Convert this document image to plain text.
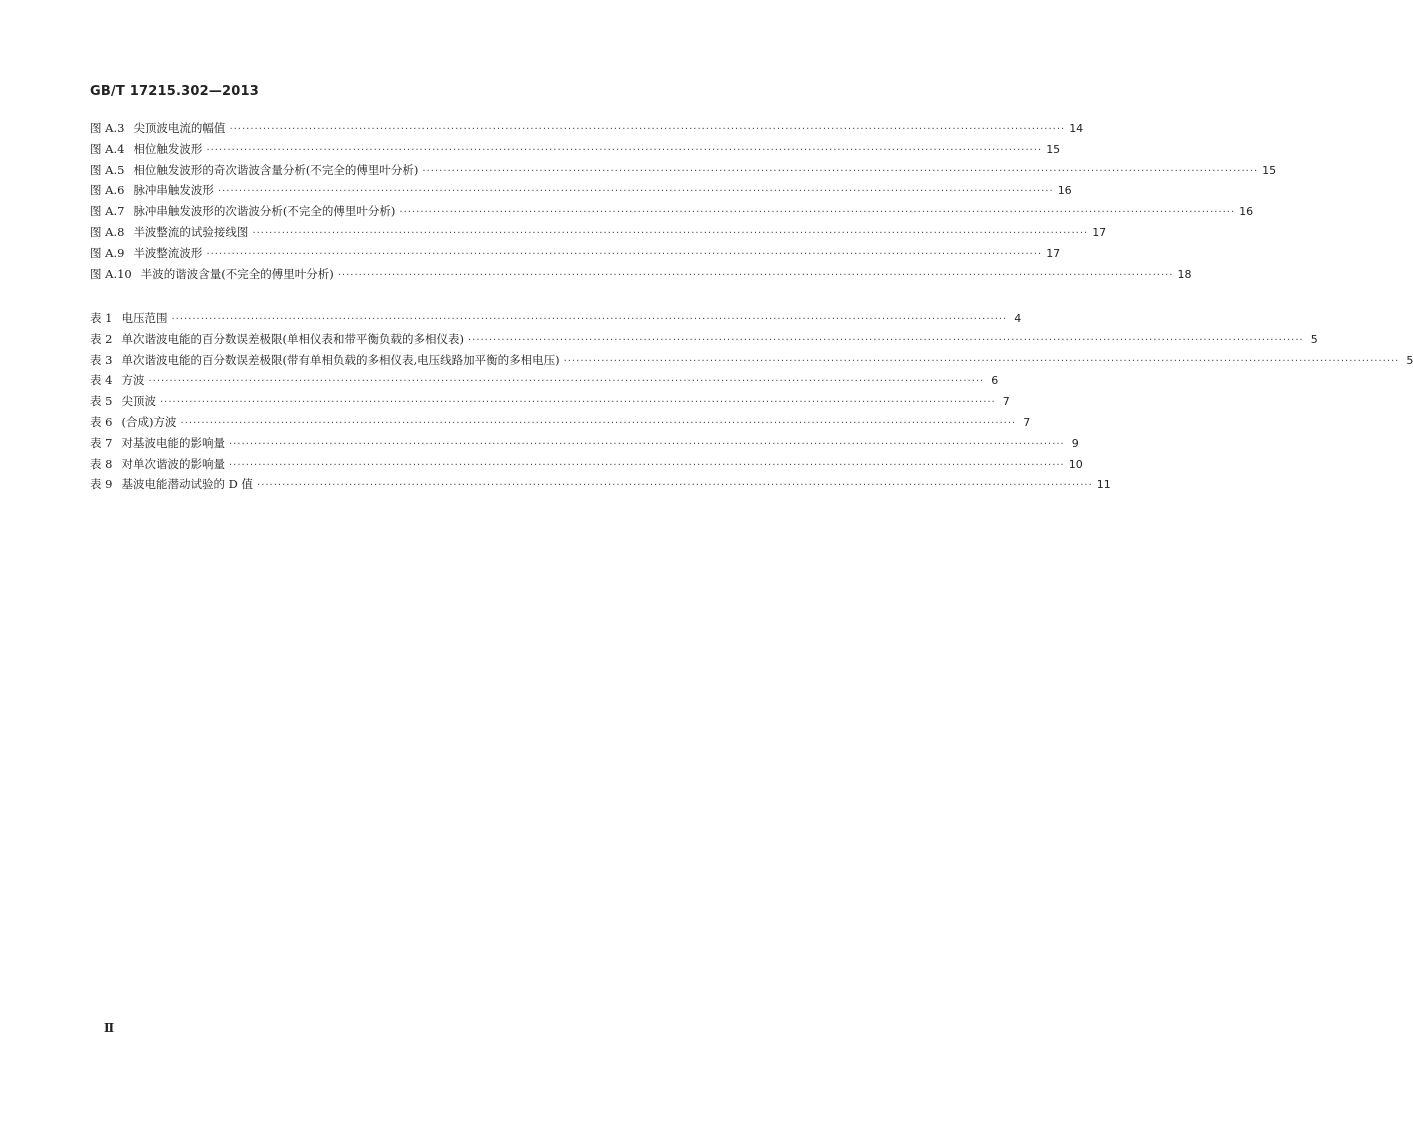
GB/T 17215.302—2013
图 A.3 尖顶波电流的幅值 ········································································································································································································ 14
图 A.4 相位触发波形 ········································································································································································································ 15
图 A.5 相位触发波形的奇次谐波含量分析(不完全的傅里叶分析) ········································································································································································································ 15
图 A.6 脉冲串触发波形 ········································································································································································································ 16
图 A.7 脉冲串触发波形的次谐波分析(不完全的傅里叶分析) ········································································································································································································ 16
图 A.8 半波整流的试验接线图 ········································································································································································································ 17
图 A.9 半波整流波形 ········································································································································································································ 17
图 A.10 半波的谐波含量(不完全的傅里叶分析) ········································································································································································································ 18
表 1 电压范围 ········································································································································································································ 4
表 2 单次谐波电能的百分数误差极限(单相仪表和带平衡负载的多相仪表) ········································································································································································································ 5
表 3 单次谐波电能的百分数误差极限(带有单相负载的多相仪表,电压线路加平衡的多相电压) ········································································································································································································ 5
表 4 方波 ········································································································································································································ 6
表 5 尖顶波 ········································································································································································································ 7
表 6 (合成)方波 ········································································································································································································ 7
表 7 对基波电能的影响量 ········································································································································································································ 9
表 8 对单次谐波的影响量 ········································································································································································································ 10
表 9 基波电能潜动试验的 D 值 ········································································································································································································ 11
Ⅱ
